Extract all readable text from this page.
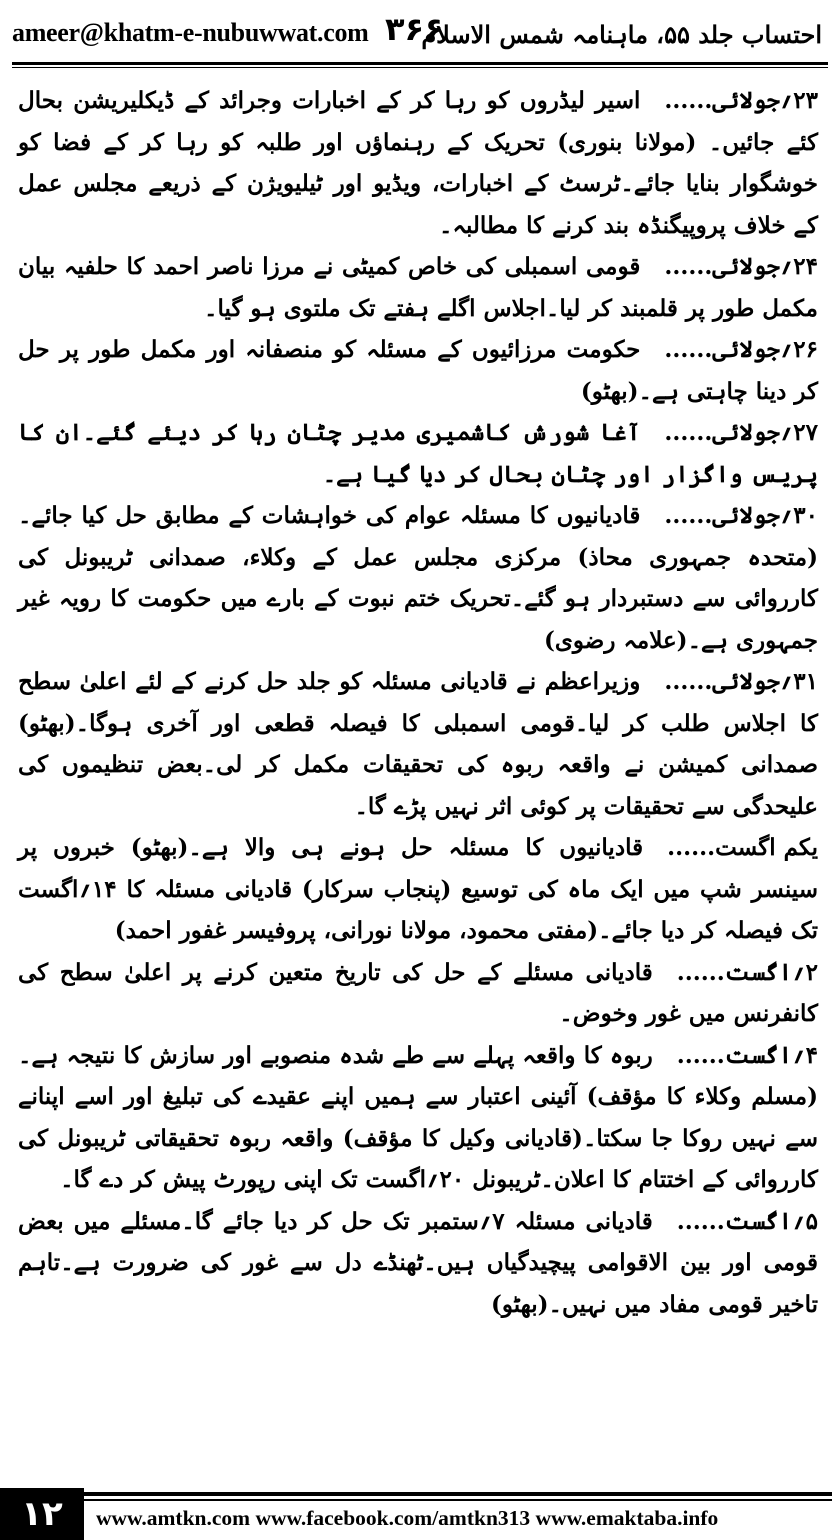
ameer@khatm-e-nubuwwat.com ۳۶۶
احتساب جلد ۵۵، ماہنامہ شمس الاسلام

۲۳؍جولائی......اسیر لیڈروں کو رہا کر کے اخبارات وجرائد کے ڈیکلیریشن بحال کئے جائیں۔ (مولانا بنوری) تحریک کے رہنماؤں اور طلبہ کو رہا کر کے فضا کو خوشگوار بنایا جائے۔ٹرسٹ کے اخبارات، ویڈیو اور ٹیلیویژن کے ذریعے مجلس عمل کے خلاف پروپیگنڈہ بند کرنے کا مطالبہ۔

۲۴؍جولائی......قومی اسمبلی کی خاص کمیٹی نے مرزا ناصر احمد کا حلفیہ بیان مکمل طور پر قلمبند کر لیا۔اجلاس اگلے ہفتے تک ملتوی ہو گیا۔

۲۶؍جولائی......حکومت مرزائیوں کے مسئلہ کو منصفانہ اور مکمل طور پر حل کر دینا چاہتی ہے۔(بھٹو)

۲۷؍جولائی......آغا شورش کاشمیری مدیر چٹان رہا کر دیئے گئے۔ان کا پریس واگزار اور چٹان بحال کر دیا گیا ہے۔

۳۰؍جولائی......قادیانیوں کا مسئلہ عوام کی خواہشات کے مطابق حل کیا جائے۔(متحدہ جمہوری محاذ) مرکزی مجلس عمل کے وکلاء، صمدانی ٹریبونل کی کارروائی سے دستبردار ہو گئے۔تحریک ختم نبوت کے بارے میں حکومت کا رویہ غیر جمہوری ہے۔(علامہ رضوی)

۳۱؍جولائی......وزیراعظم نے قادیانی مسئلہ کو جلد حل کرنے کے لئے اعلیٰ سطح کا اجلاس طلب کر لیا۔قومی اسمبلی کا فیصلہ قطعی اور آخری ہوگا۔(بھٹو) صمدانی کمیشن نے واقعہ ربوہ کی تحقیقات مکمل کر لی۔بعض تنظیموں کی علیحدگی سے تحقیقات پر کوئی اثر نہیں پڑے گا۔

یکم اگست......قادیانیوں کا مسئلہ حل ہونے ہی والا ہے۔(بھٹو) خبروں پر سینسر شپ میں ایک ماہ کی توسیع (پنجاب سرکار) قادیانی مسئلہ کا ۱۴؍اگست تک فیصلہ کر دیا جائے۔(مفتی محمود، مولانا نورانی، پروفیسر غفور احمد)

۲؍اگست......قادیانی مسئلے کے حل کی تاریخ متعین کرنے پر اعلیٰ سطح کی کانفرنس میں غور وخوض۔

۴؍اگست......ربوہ کا واقعہ پہلے سے طے شدہ منصوبے اور سازش کا نتیجہ ہے۔(مسلم وکلاء کا مؤقف) آئینی اعتبار سے ہمیں اپنے عقیدے کی تبلیغ اور اسے اپنانے سے نہیں روکا جا سکتا۔(قادیانی وکیل کا مؤقف) واقعہ ربوہ تحقیقاتی ٹریبونل کی کارروائی کے اختتام کا اعلان۔ٹریبونل ۲۰؍اگست تک اپنی رپورٹ پیش کر دے گا۔

۵؍اگست......قادیانی مسئلہ ۷؍ستمبر تک حل کر دیا جائے گا۔مسئلے میں بعض قومی اور بین الاقوامی پیچیدگیاں ہیں۔ٹھنڈے دل سے غور کی ضرورت ہے۔تاہم تاخیر قومی مفاد میں نہیں۔(بھٹو)

۱۲	www.amtkn.com www.facebook.com/amtkn313 www.emaktaba.info
